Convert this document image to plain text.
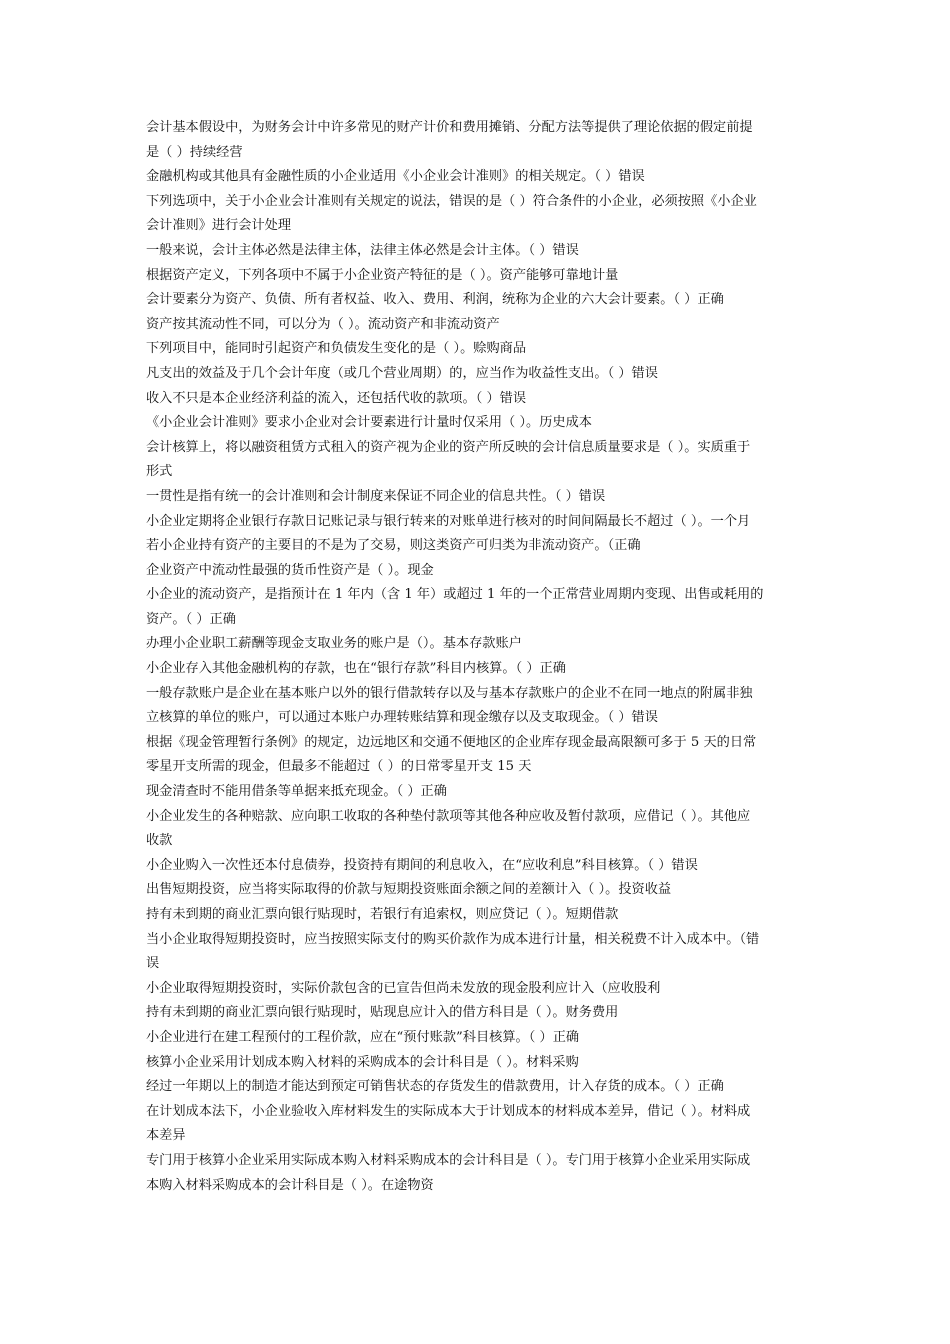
会计基本假设中，为财务会计中许多常见的财产计价和费用摊销、分配方法等提供了理论依据的假定前提
是（ ）持续经营
金融机构或其他具有金融性质的小企业适用《小企业会计准则》的相关规定。（ ）错误
下列选项中，关于小企业会计准则有关规定的说法，错误的是（ ）符合条件的小企业，必须按照《小企业
会计准则》进行会计处理
一般来说，会计主体必然是法律主体，法律主体必然是会计主体。（ ）错误
根据资产定义，下列各项中不属于小企业资产特征的是（ ）。资产能够可靠地计量
会计要素分为资产、负债、所有者权益、收入、费用、利润，统称为企业的六大会计要素。（ ）正确
资产按其流动性不同，可以分为（ ）。流动资产和非流动资产
下列项目中，能同时引起资产和负债发生变化的是（ ）。赊购商品
凡支出的效益及于几个会计年度（或几个营业周期）的，应当作为收益性支出。（ ）错误
收入不只是本企业经济利益的流入，还包括代收的款项。（ ）错误
《小企业会计准则》要求小企业对会计要素进行计量时仅采用（ ）。历史成本
会计核算上，将以融资租赁方式租入的资产视为企业的资产所反映的会计信息质量要求是（ ）。实质重于
形式
一贯性是指有统一的会计准则和会计制度来保证不同企业的信息共性。（ ）错误
小企业定期将企业银行存款日记账记录与银行转来的对账单进行核对的时间间隔最长不超过（ ）。一个月
若小企业持有资产的主要目的不是为了交易，则这类资产可归类为非流动资产。（正确
企业资产中流动性最强的货币性资产是（ ）。现金
小企业的流动资产，是指预计在 1 年内（含 1 年）或超过 1 年的一个正常营业周期内变现、出售或耗用的
资产。（ ）正确
办理小企业职工薪酬等现金支取业务的账户是（）。基本存款账户
小企业存入其他金融机构的存款，也在“银行存款”科目内核算。（ ）正确
一般存款账户是企业在基本账户以外的银行借款转存以及与基本存款账户的企业不在同一地点的附属非独
立核算的单位的账户，可以通过本账户办理转账结算和现金缴存以及支取现金。（ ）错误
根据《现金管理暂行条例》的规定，边远地区和交通不便地区的企业库存现金最高限额可多于 5 天的日常
零星开支所需的现金，但最多不能超过（ ）的日常零星开支 15 天
现金清查时不能用借条等单据来抵充现金。（ ）正确
小企业发生的各种赔款、应向职工收取的各种垫付款项等其他各种应收及暂付款项，应借记（ ）。其他应
收款
小企业购入一次性还本付息债券，投资持有期间的利息收入，在“应收利息”科目核算。（ ）错误
出售短期投资，应当将实际取得的价款与短期投资账面余额之间的差额计入（ ）。投资收益
持有未到期的商业汇票向银行贴现时，若银行有追索权，则应贷记（ ）。短期借款
当小企业取得短期投资时，应当按照实际支付的购买价款作为成本进行计量，相关税费不计入成本中。（错
误
小企业取得短期投资时，实际价款包含的已宣告但尚未发放的现金股利应计入（应收股利
持有未到期的商业汇票向银行贴现时，贴现息应计入的借方科目是（ ）。财务费用
小企业进行在建工程预付的工程价款，应在“预付账款”科目核算。（ ）正确
核算小企业采用计划成本购入材料的采购成本的会计科目是（ ）。材料采购
经过一年期以上的制造才能达到预定可销售状态的存货发生的借款费用，计入存货的成本。（ ）正确
在计划成本法下，小企业验收入库材料发生的实际成本大于计划成本的材料成本差异，借记（ ）。材料成
本差异
专门用于核算小企业采用实际成本购入材料采购成本的会计科目是（ ）。专门用于核算小企业采用实际成
本购入材料采购成本的会计科目是（ ）。在途物资
